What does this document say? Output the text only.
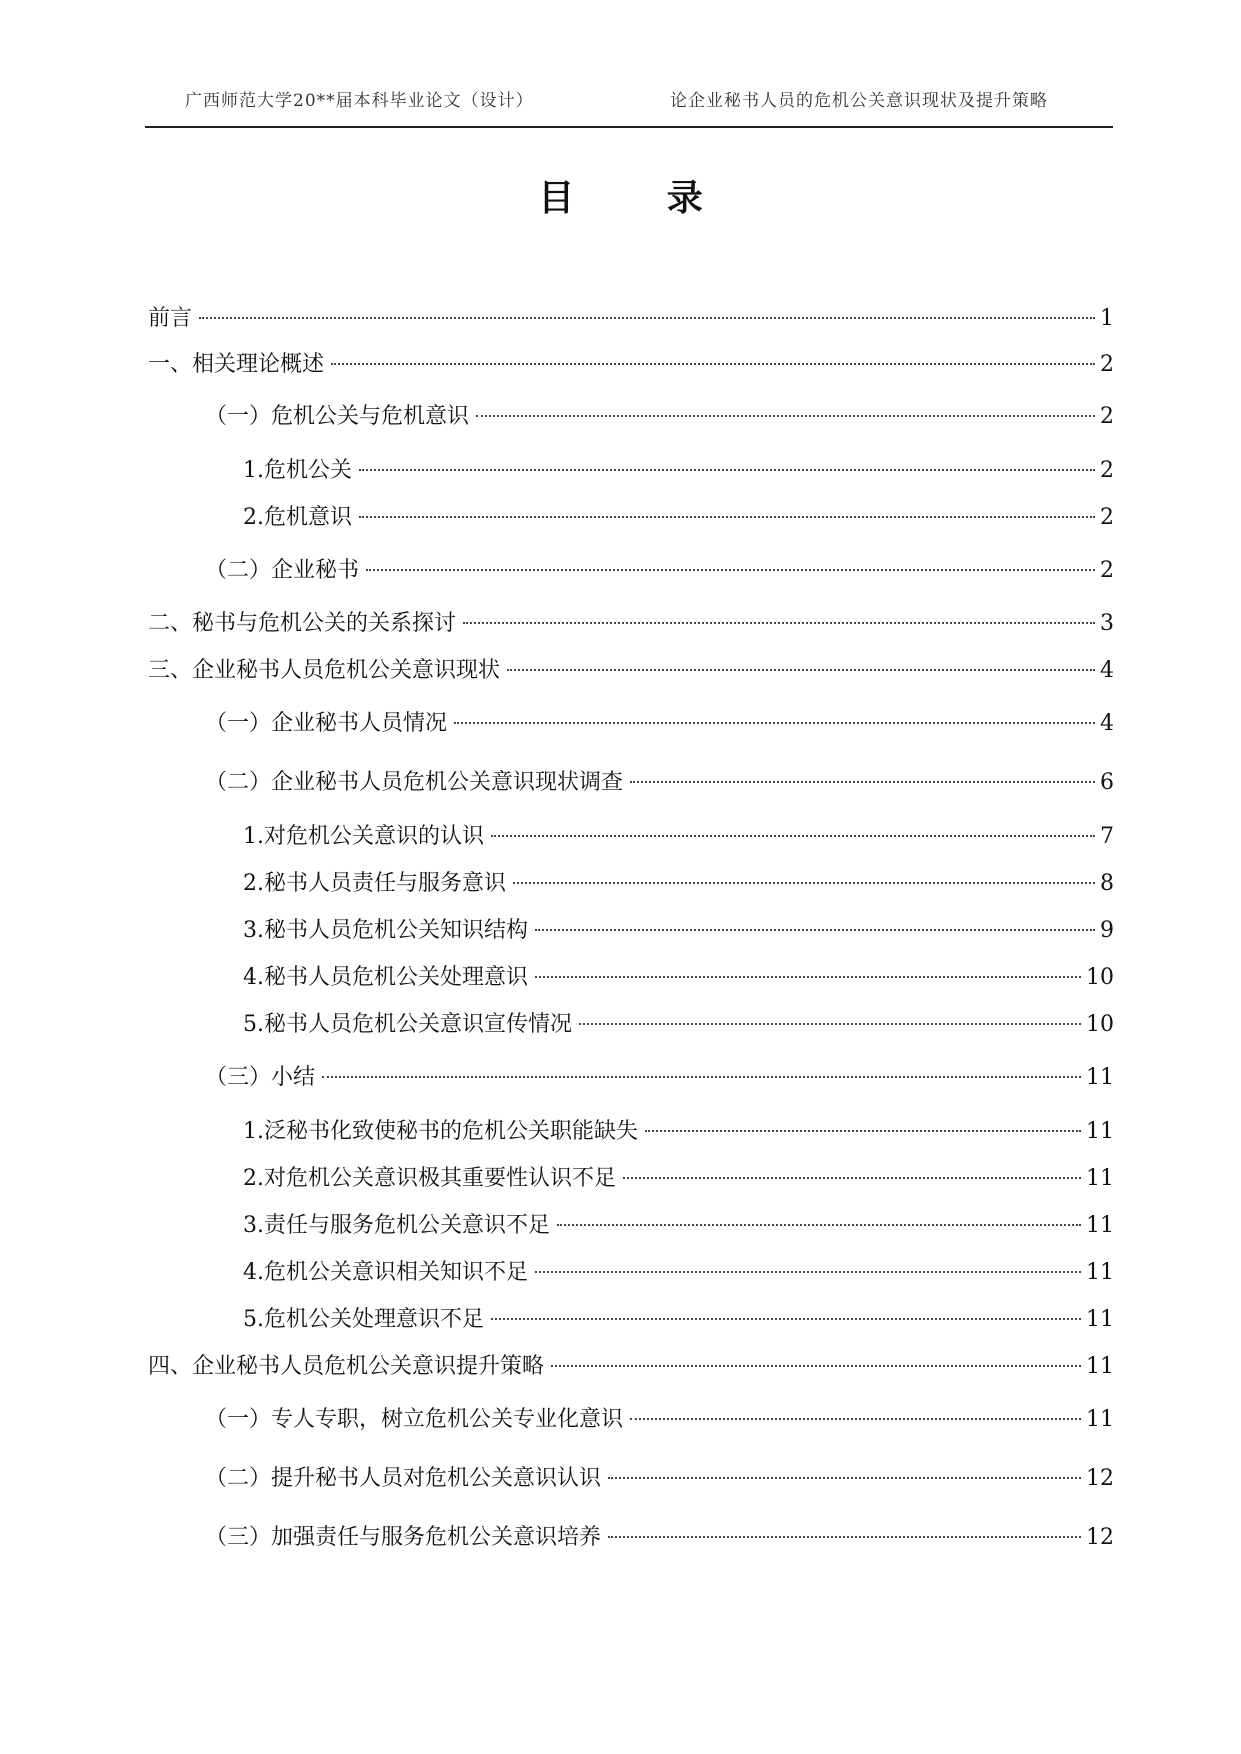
广西师范大学20**届本科毕业论文（设计）	论企业秘书人员的危机公关意识现状及提升策略
目 录
前言	1
一、相关理论概述	2
（一）危机公关与危机意识	2
1.危机公关	2
2.危机意识	2
（二）企业秘书	2
二、秘书与危机公关的关系探讨	3
三、企业秘书人员危机公关意识现状	4
（一）企业秘书人员情况	4
（二）企业秘书人员危机公关意识现状调查	6
1.对危机公关意识的认识	7
2.秘书人员责任与服务意识	8
3.秘书人员危机公关知识结构	9
4.秘书人员危机公关处理意识	10
5.秘书人员危机公关意识宣传情况	10
（三）小结	11
1.泛秘书化致使秘书的危机公关职能缺失	11
2.对危机公关意识极其重要性认识不足	11
3.责任与服务危机公关意识不足	11
4.危机公关意识相关知识不足	11
5.危机公关处理意识不足	11
四、企业秘书人员危机公关意识提升策略	11
（一）专人专职，树立危机公关专业化意识	11
（二）提升秘书人员对危机公关意识认识	12
（三）加强责任与服务危机公关意识培养	12
